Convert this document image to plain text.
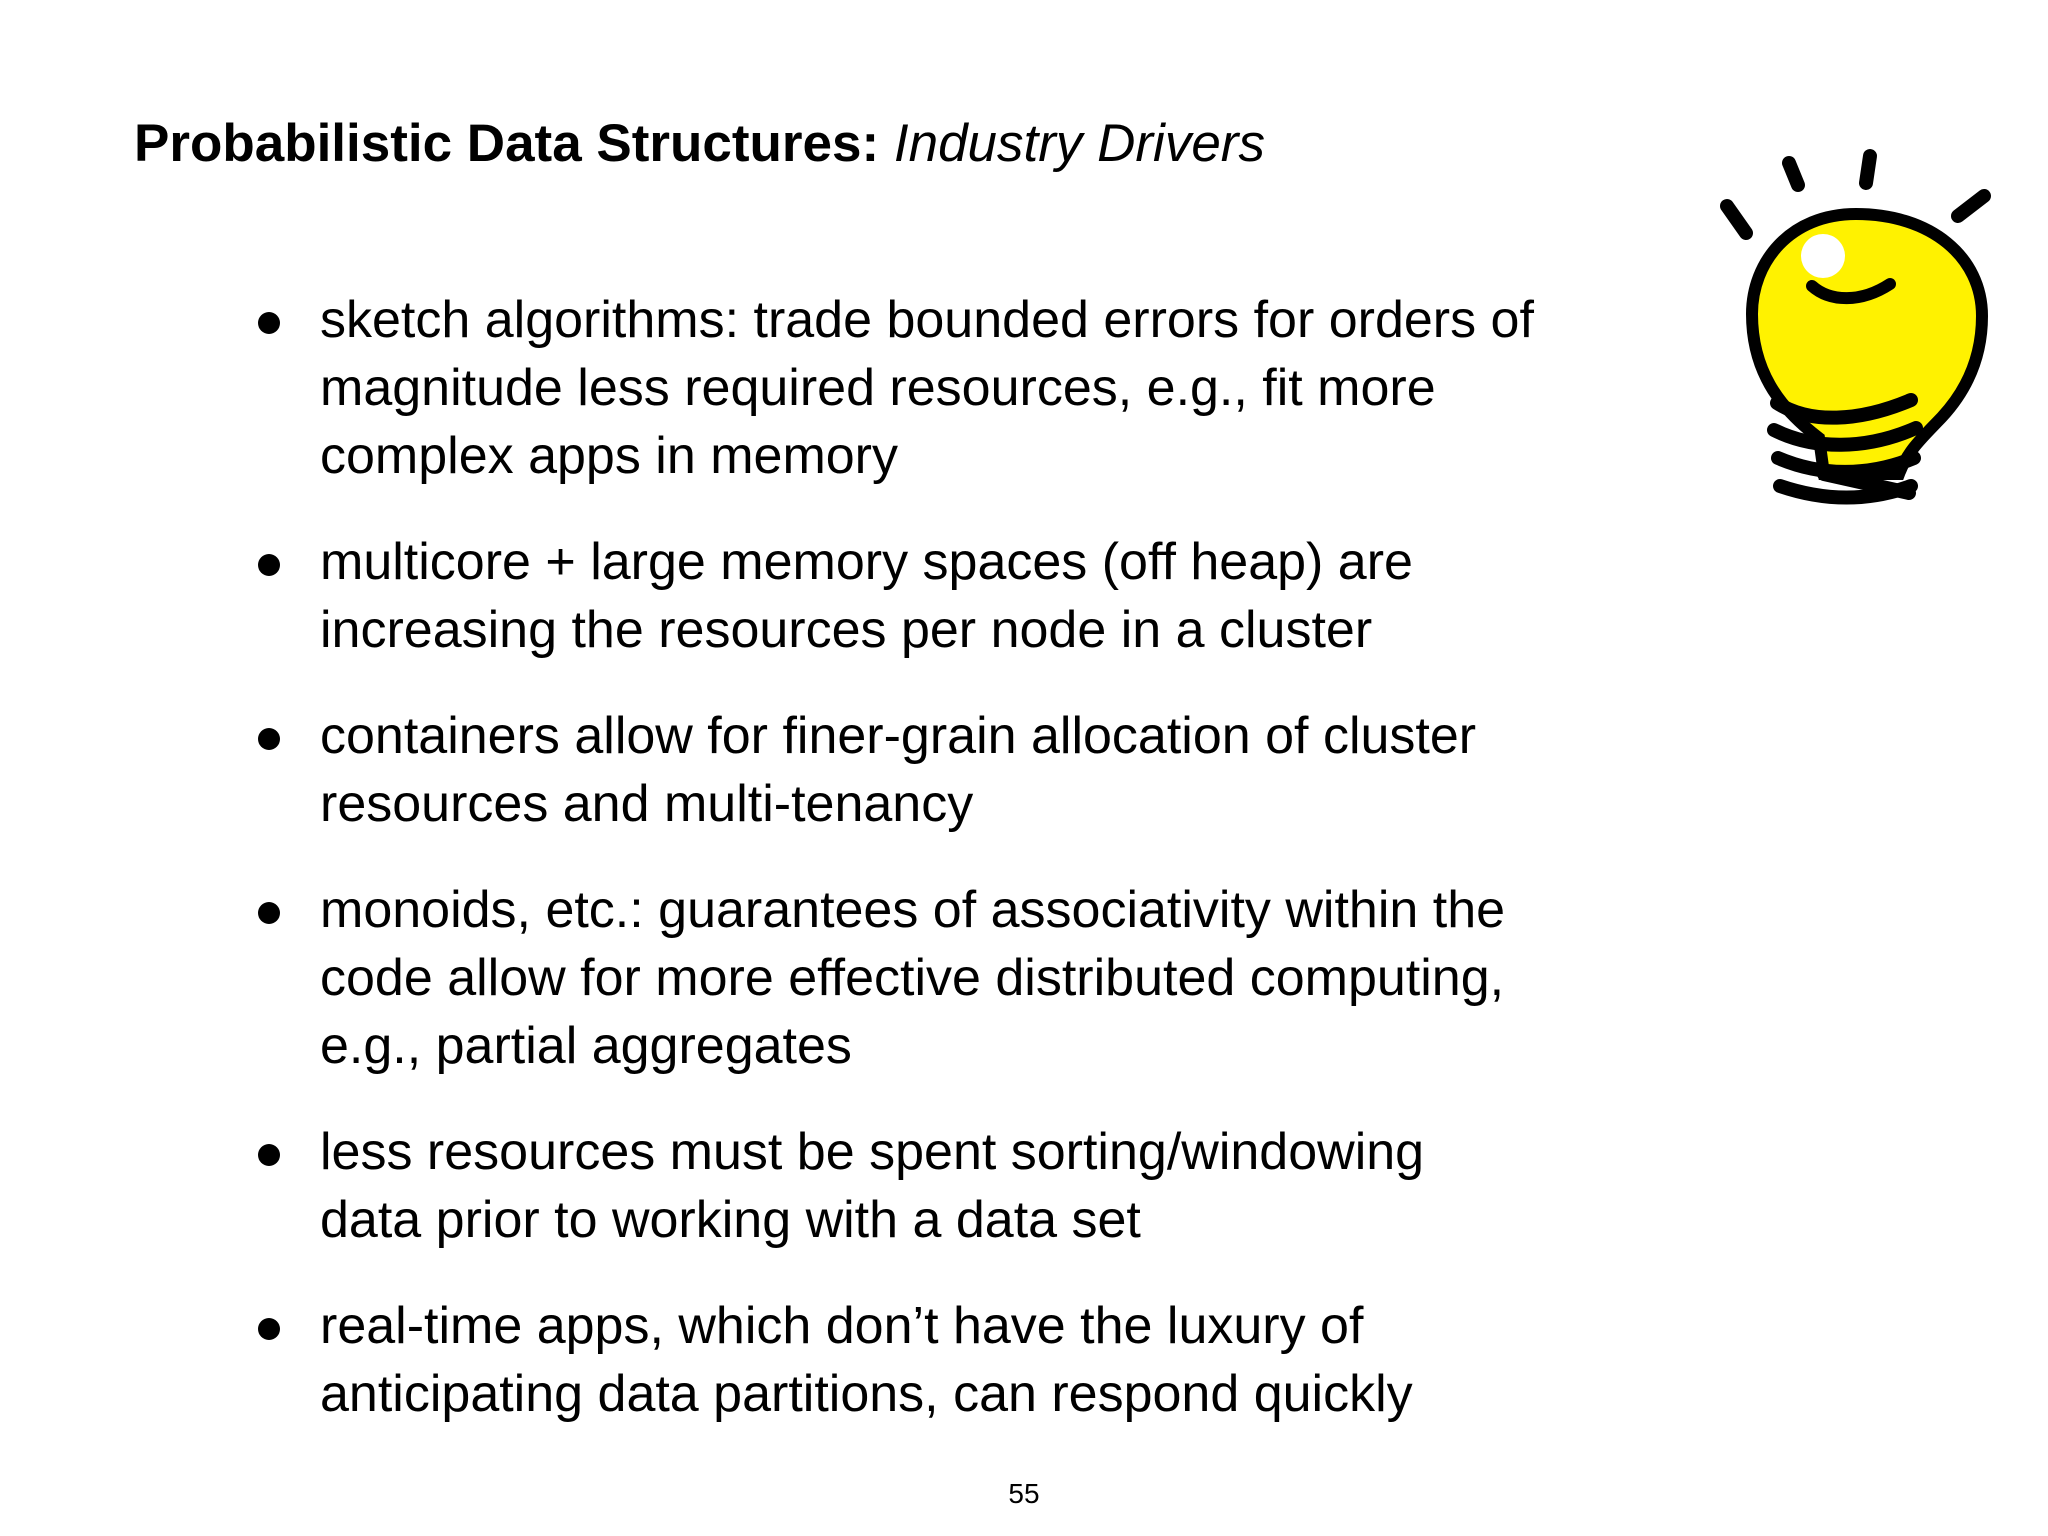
Probabilistic Data Structures: Industry Drivers
sketch algorithms: trade bounded errors for orders of magnitude less required resources, e.g., fit more complex apps in memory
multicore + large memory spaces (off heap) are increasing the resources per node in a cluster
containers allow for finer-grain allocation of cluster resources and multi-tenancy
monoids, etc.: guarantees of associativity within the code allow for more effective distributed computing, e.g., partial aggregates
less resources must be spent sorting/windowing data prior to working with a data set
real-time apps, which don’t have the luxury of anticipating data partitions, can respond quickly
55
